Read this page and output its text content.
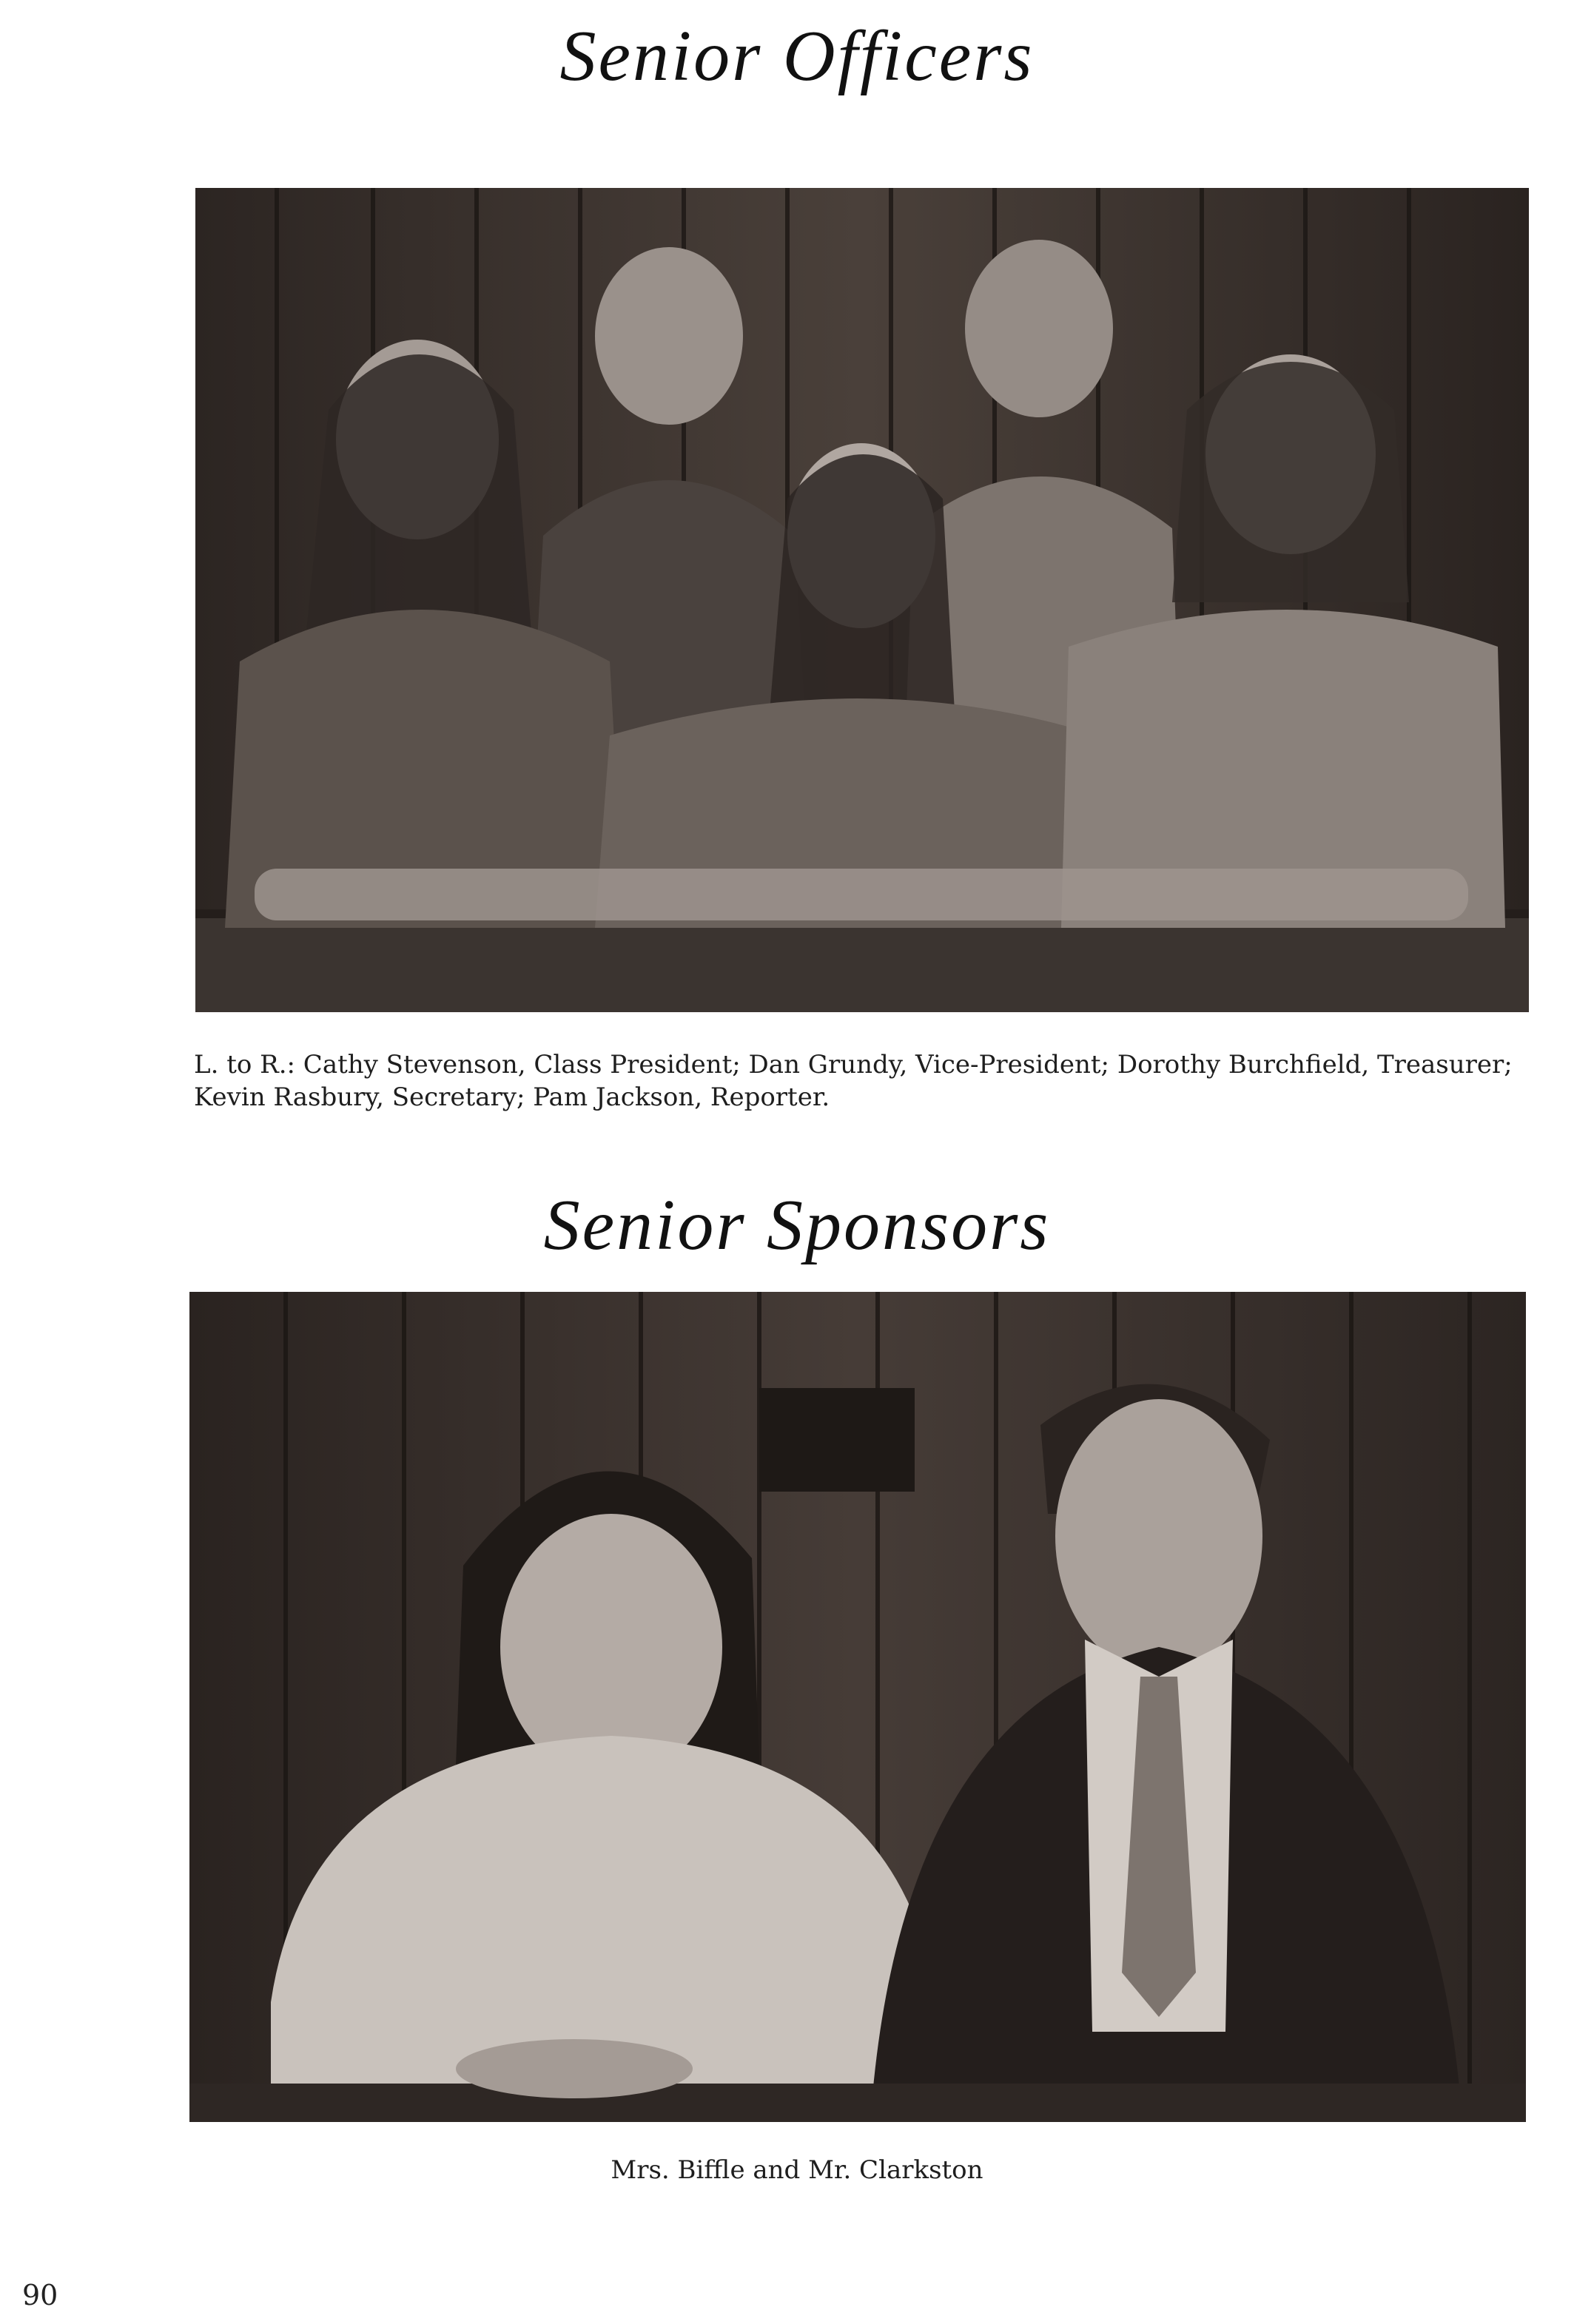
Senior Officers

L. to R.: Cathy Stevenson, Class President; Dan Grundy, Vice-President; Dorothy Burchfield, Treasurer;

Kevin Rasbury, Secretary; Pam Jackson, Reporter.

Senior Sponsors

Mrs. Biffle and Mr. Clarkston

90
